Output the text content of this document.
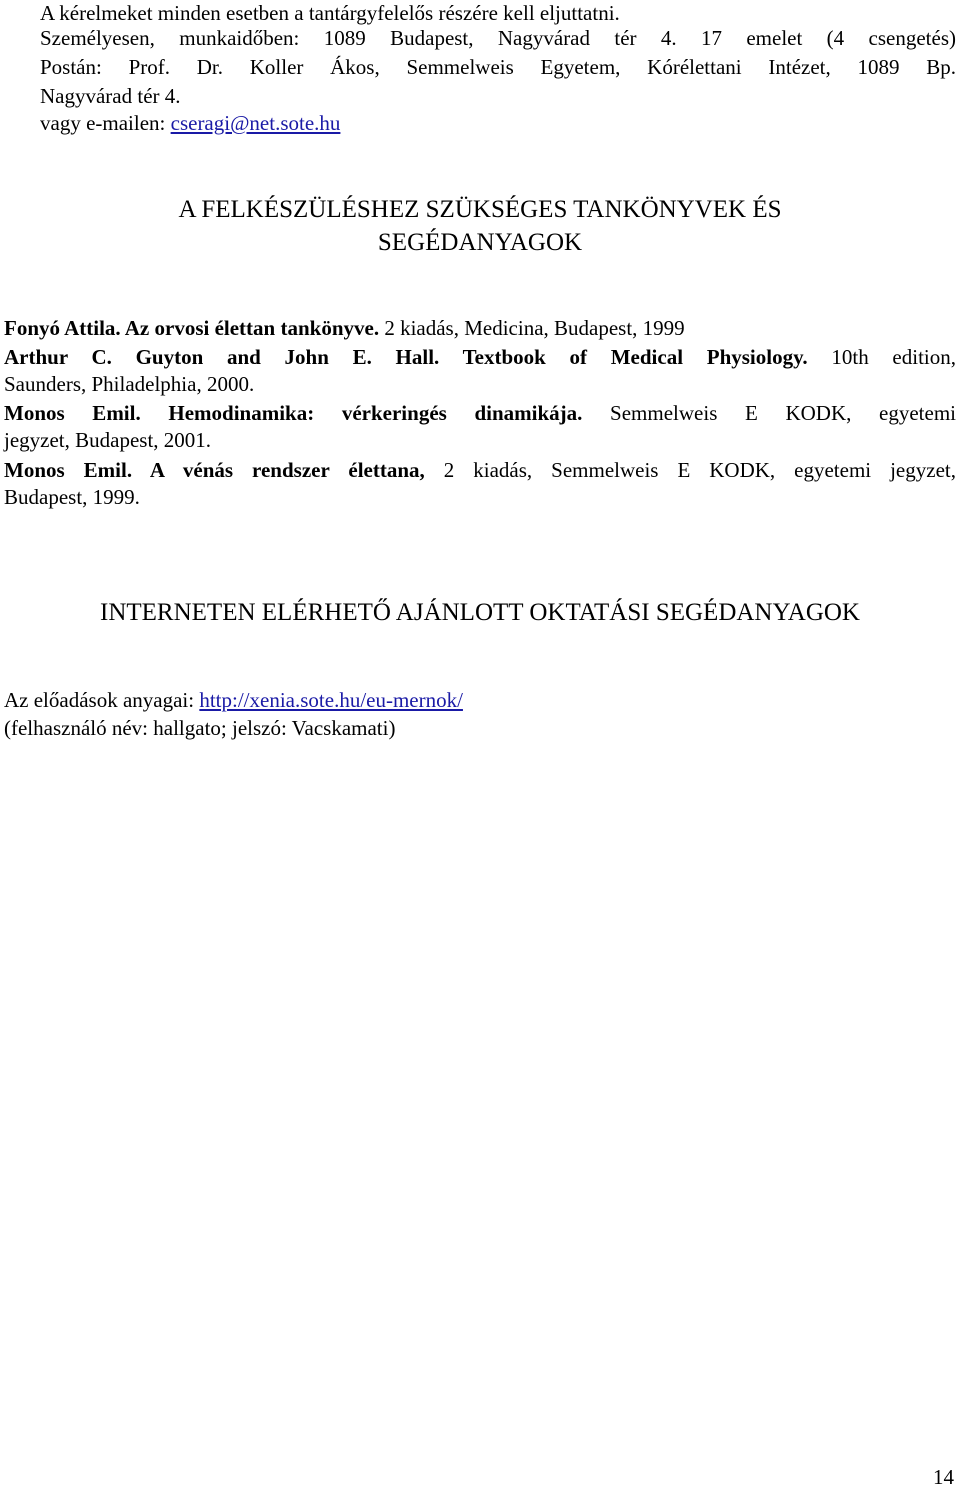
A kérelmeket minden esetben a tantárgyfelelős részére kell eljuttatni.
Személyesen, munkaidőben: 1089 Budapest, Nagyvárad tér 4. 17 emelet (4 csengetés)
Postán: Prof. Dr. Koller Ákos, Semmelweis Egyetem, Kórélettani Intézet, 1089 Bp.
Nagyvárad tér 4.
vagy e-mailen: cseragi@net.sote.hu
A FELKÉSZÜLÉSHEZ SZÜKSÉGES TANKÖNYVEK ÉS
SEGÉDANYAGOK
Fonyó Attila. Az orvosi élettan tankönyve. 2 kiadás, Medicina, Budapest, 1999
Arthur C. Guyton and John E. Hall. Textbook of Medical Physiology. 10th edition,
Saunders, Philadelphia, 2000.
Monos Emil. Hemodinamika: vérkeringés dinamikája. Semmelweis E KODK, egyetemi
jegyzet, Budapest, 2001.
Monos Emil. A vénás rendszer élettana, 2 kiadás, Semmelweis E KODK, egyetemi jegyzet,
Budapest, 1999.
INTERNETEN ELÉRHETŐ AJÁNLOTT OKTATÁSI SEGÉDANYAGOK
Az előadások anyagai: http://xenia.sote.hu/eu-mernok/
(felhasználó név: hallgato; jelszó: Vacskamati)
14
